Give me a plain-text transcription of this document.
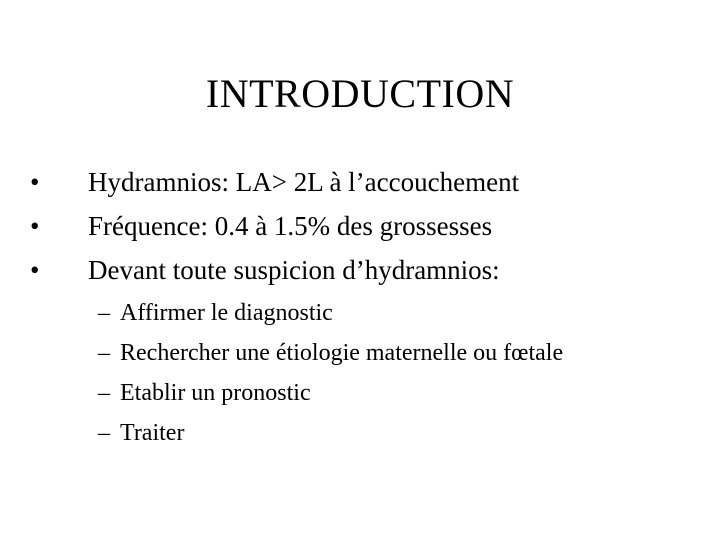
INTRODUCTION
•	Hydramnios: LA> 2L à l’accouchement
•	Fréquence: 0.4 à 1.5% des grossesses
•	Devant toute suspicion d’hydramnios:
– Affirmer le diagnostic
– Rechercher une étiologie maternelle ou fœtale
– Etablir un pronostic
– Traiter
